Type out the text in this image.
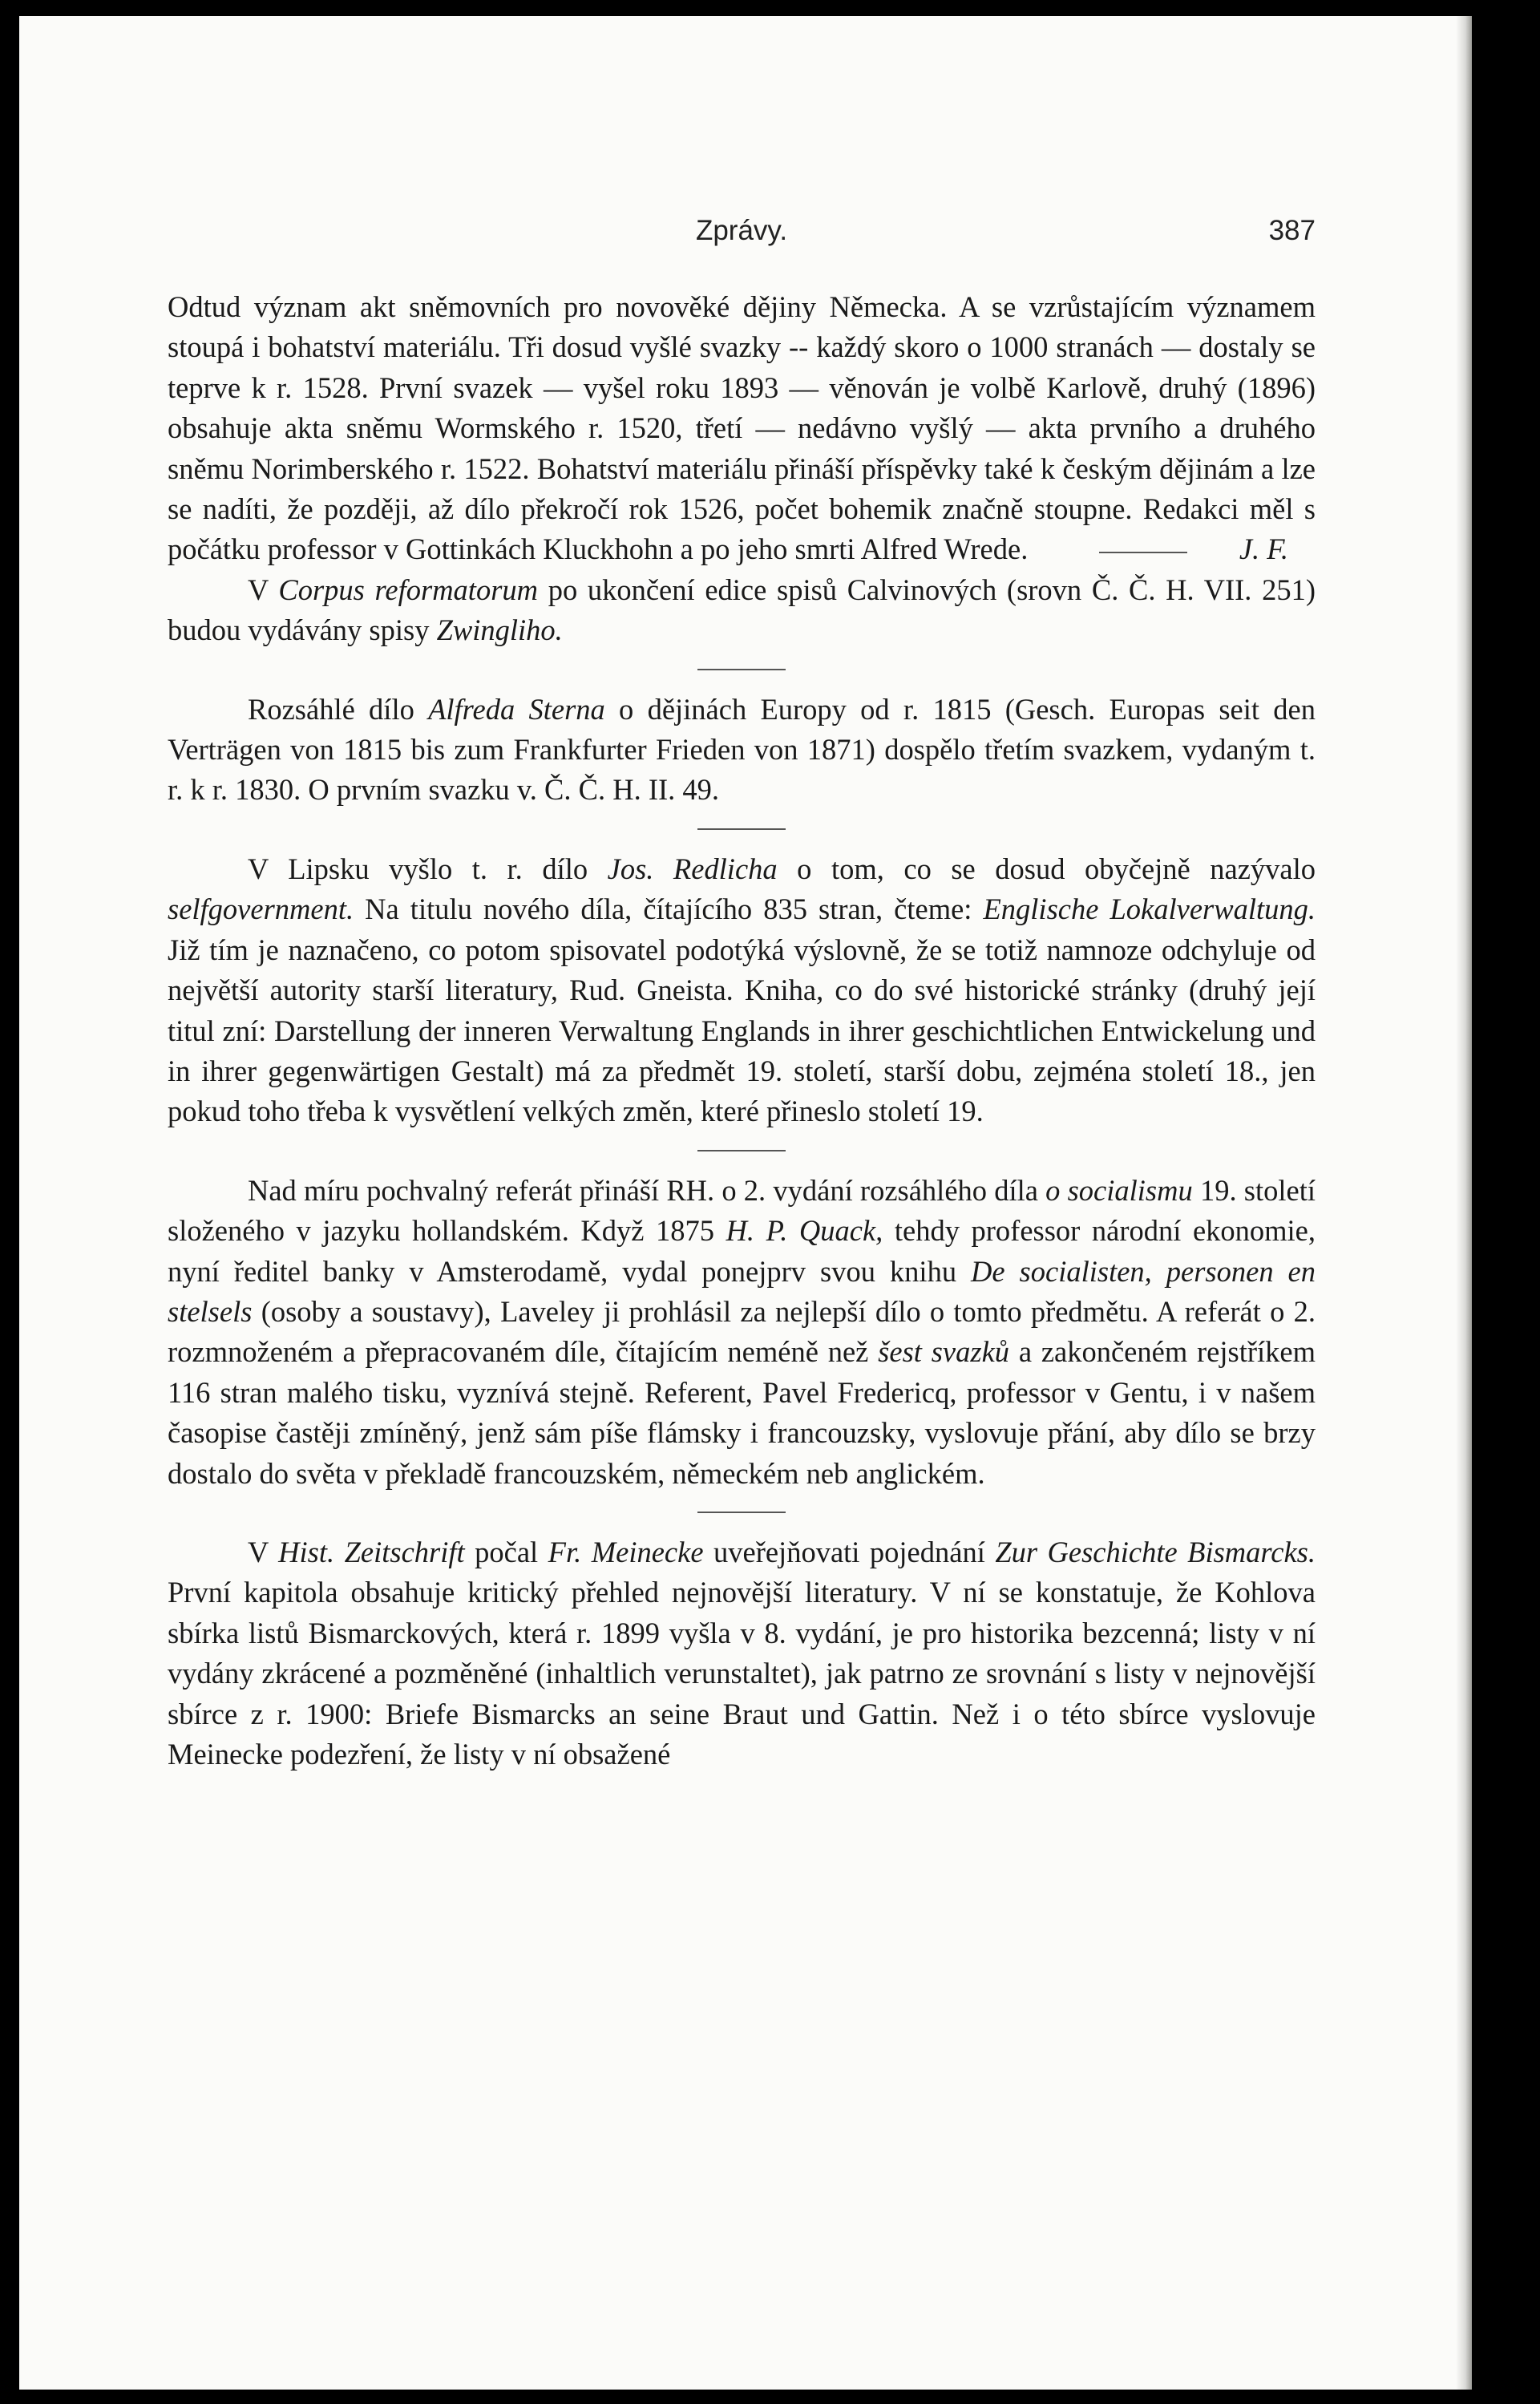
Zprávy.	387

Odtud význam akt sněmovních pro novověké dějiny Německa. A se vzrůstajícím významem stoupá i bohatství materiálu. Tři dosud vyšlé svazky -- každý skoro o 1000 stranách — dostaly se teprve k r. 1528. První svazek — vyšel roku 1893 — věnován je volbě Karlově, druhý (1896) obsahuje akta sněmu Wormského r. 1520, třetí — nedávno vyšlý — akta prvního a druhého sněmu Norimberského r. 1522. Bohatství materiálu přináší příspěvky také k českým dějinám a lze se nadíti, že později, až dílo překročí rok 1526, počet bohemik značně stoupne. Redakci měl s počátku professor v Gottinkách Kluckhohn a po jeho smrti Alfred Wrede.	J. F.

V Corpus reformatorum po ukončení edice spisů Calvinových (srovn Č. Č. H. VII. 251) budou vydávány spisy Zwingliho.

Rozsáhlé dílo Alfreda Sterna o dějinách Europy od r. 1815 (Gesch. Europas seit den Verträgen von 1815 bis zum Frankfurter Frieden von 1871) dospělo třetím svazkem, vydaným t. r. k r. 1830. O prvním svazku v. Č. Č. H. II. 49.

V Lipsku vyšlo t. r. dílo Jos. Redlicha o tom, co se dosud obyčejně nazývalo selfgovernment. Na titulu nového díla, čítajícího 835 stran, čteme: Englische Lokalverwaltung. Již tím je naznačeno, co potom spisovatel podotýká výslovně, že se totiž namnoze odchyluje od největší autority starší literatury, Rud. Gneista. Kniha, co do své historické stránky (druhý její titul zní: Darstellung der inneren Verwaltung Englands in ihrer geschichtlichen Entwickelung und in ihrer gegenwärtigen Gestalt) má za předmět 19. století, starší dobu, zejména století 18., jen pokud toho třeba k vysvětlení velkých změn, které přineslo století 19.

Nad míru pochvalný referát přináší RH. o 2. vydání rozsáhlého díla o socialismu 19. století složeného v jazyku hollandském. Když 1875 H. P. Quack, tehdy professor národní ekonomie, nyní ředitel banky v Amsterodamě, vydal ponejprv svou knihu De socialisten, personen en stelsels (osoby a soustavy), Laveley ji prohlásil za nejlepší dílo o tomto předmětu. A referát o 2. rozmnoženém a přepracovaném díle, čítajícím neméně než šest svazků a zakončeném rejstříkem 116 stran malého tisku, vyznívá stejně. Referent, Pavel Fredericq, professor v Gentu, i v našem časopise častěji zmíněný, jenž sám píše flámsky i francouzsky, vyslovuje přání, aby dílo se brzy dostalo do světa v překladě francouzském, německém neb anglickém.

V Hist. Zeitschrift počal Fr. Meinecke uveřejňovati pojednání Zur Geschichte Bismarcks. První kapitola obsahuje kritický přehled nejnovější literatury. V ní se konstatuje, že Kohlova sbírka listů Bismarckových, která r. 1899 vyšla v 8. vydání, je pro historika bezcenná; listy v ní vydány zkrácené a pozměněné (inhaltlich verunstaltet), jak patrno ze srovnání s listy v nejnovější sbírce z r. 1900: Briefe Bismarcks an seine Braut und Gattin. Než i o této sbírce vyslovuje Meinecke podezření, že listy v ní obsažené
